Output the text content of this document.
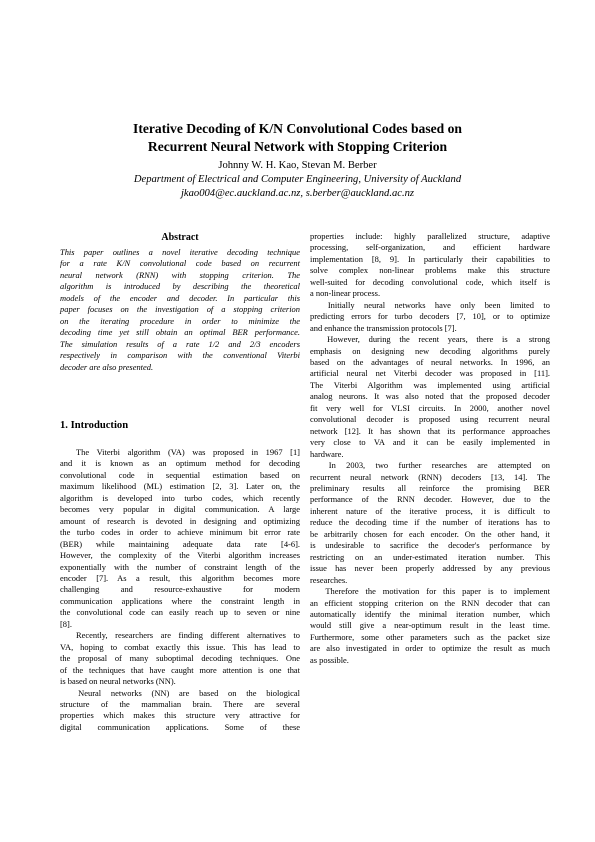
Iterative Decoding of K/N Convolutional Codes based on
Recurrent Neural Network with Stopping Criterion
Johnny W. H. Kao, Stevan M. Berber
Department of Electrical and Computer Engineering, University of Auckland
jkao004@ec.auckland.ac.nz, s.berber@auckland.ac.nz
Abstract
This paper outlines a novel iterative decoding technique
for a rate K/N convolutional code based on recurrent
neural network (RNN) with stopping criterion. The
algorithm is introduced by describing the theoretical
models of the encoder and decoder. In particular this
paper focuses on the investigation of a stopping criterion
on the iterating procedure in order to minimize the
decoding time yet still obtain an optimal BER performance.
The simulation results of a rate 1/2 and 2/3 encoders
respectively in comparison with the conventional Viterbi
decoder are also presented.
1. Introduction
  The Viterbi algorithm (VA) was proposed in 1967 [1]
and it is known as an optimum method for decoding
convolutional code in sequential estimation based on
maximum likelihood (ML) estimation [2, 3]. Later on, the
algorithm is developed into turbo codes, which recently
becomes very popular in digital communication. A large
amount of research is devoted in designing and optimizing
the turbo codes in order to achieve minimum bit error rate
(BER) while maintaining adequate data rate [4-6].
However, the complexity of the Viterbi algorithm increases
exponentially with the number of constraint length of the
encoder [7]. As a result, this algorithm becomes more
challenging and resource-exhaustive for modern
communication applications where the constraint length in
the convolutional code can easily reach up to seven or nine
[8].
  Recently, researchers are finding different alternatives to
VA, hoping to combat exactly this issue. This has lead to
the proposal of many suboptimal decoding techniques. One
of the techniques that have caught more attention is one that
is based on neural networks (NN).
  Neural networks (NN) are based on the biological
structure of the mammalian brain. There are several
properties which makes this structure very attractive for
digital communication applications. Some of these
properties include: highly parallelized structure, adaptive
processing, self-organization, and efficient hardware
implementation [8, 9]. In particularly their capabilities to
solve complex non-linear problems make this structure
well-suited for decoding convolutional code, which itself is
a non-linear process.
  Initially neural networks have only been limited to
predicting errors for turbo decoders [7, 10], or to optimize
and enhance the transmission protocols [7].
  However, during the recent years, there is a strong
emphasis on designing new decoding algorithms purely
based on the advantages of neural networks. In 1996, an
artificial neural net Viterbi decoder was proposed in [11].
The Viterbi Algorithm was implemented using artificial
analog neurons. It was also noted that the proposed decoder
fit very well for VLSI circuits. In 2000, another novel
convolutional decoder is proposed using recurrent neural
network [12]. It has shown that its performance approaches
very close to VA and it can be easily implemented in
hardware.
  In 2003, two further researches are attempted on
recurrent neural network (RNN) decoders [13, 14]. The
preliminary results all reinforce the promising BER
performance of the RNN decoder. However, due to the
inherent nature of the iterative process, it is difficult to
reduce the decoding time if the number of iterations has to
be arbitrarily chosen for each encoder. On the other hand, it
is undesirable to sacrifice the decoder's performance by
restricting on an under-estimated iteration number. This
issue has never been properly addressed by any previous
researches.
  Therefore the motivation for this paper is to implement
an efficient stopping criterion on the RNN decoder that can
automatically identify the minimal iteration number, which
would still give a near-optimum result in the least time.
Furthermore, some other parameters such as the packet size
are also investigated in order to optimize the result as much
as possible.
